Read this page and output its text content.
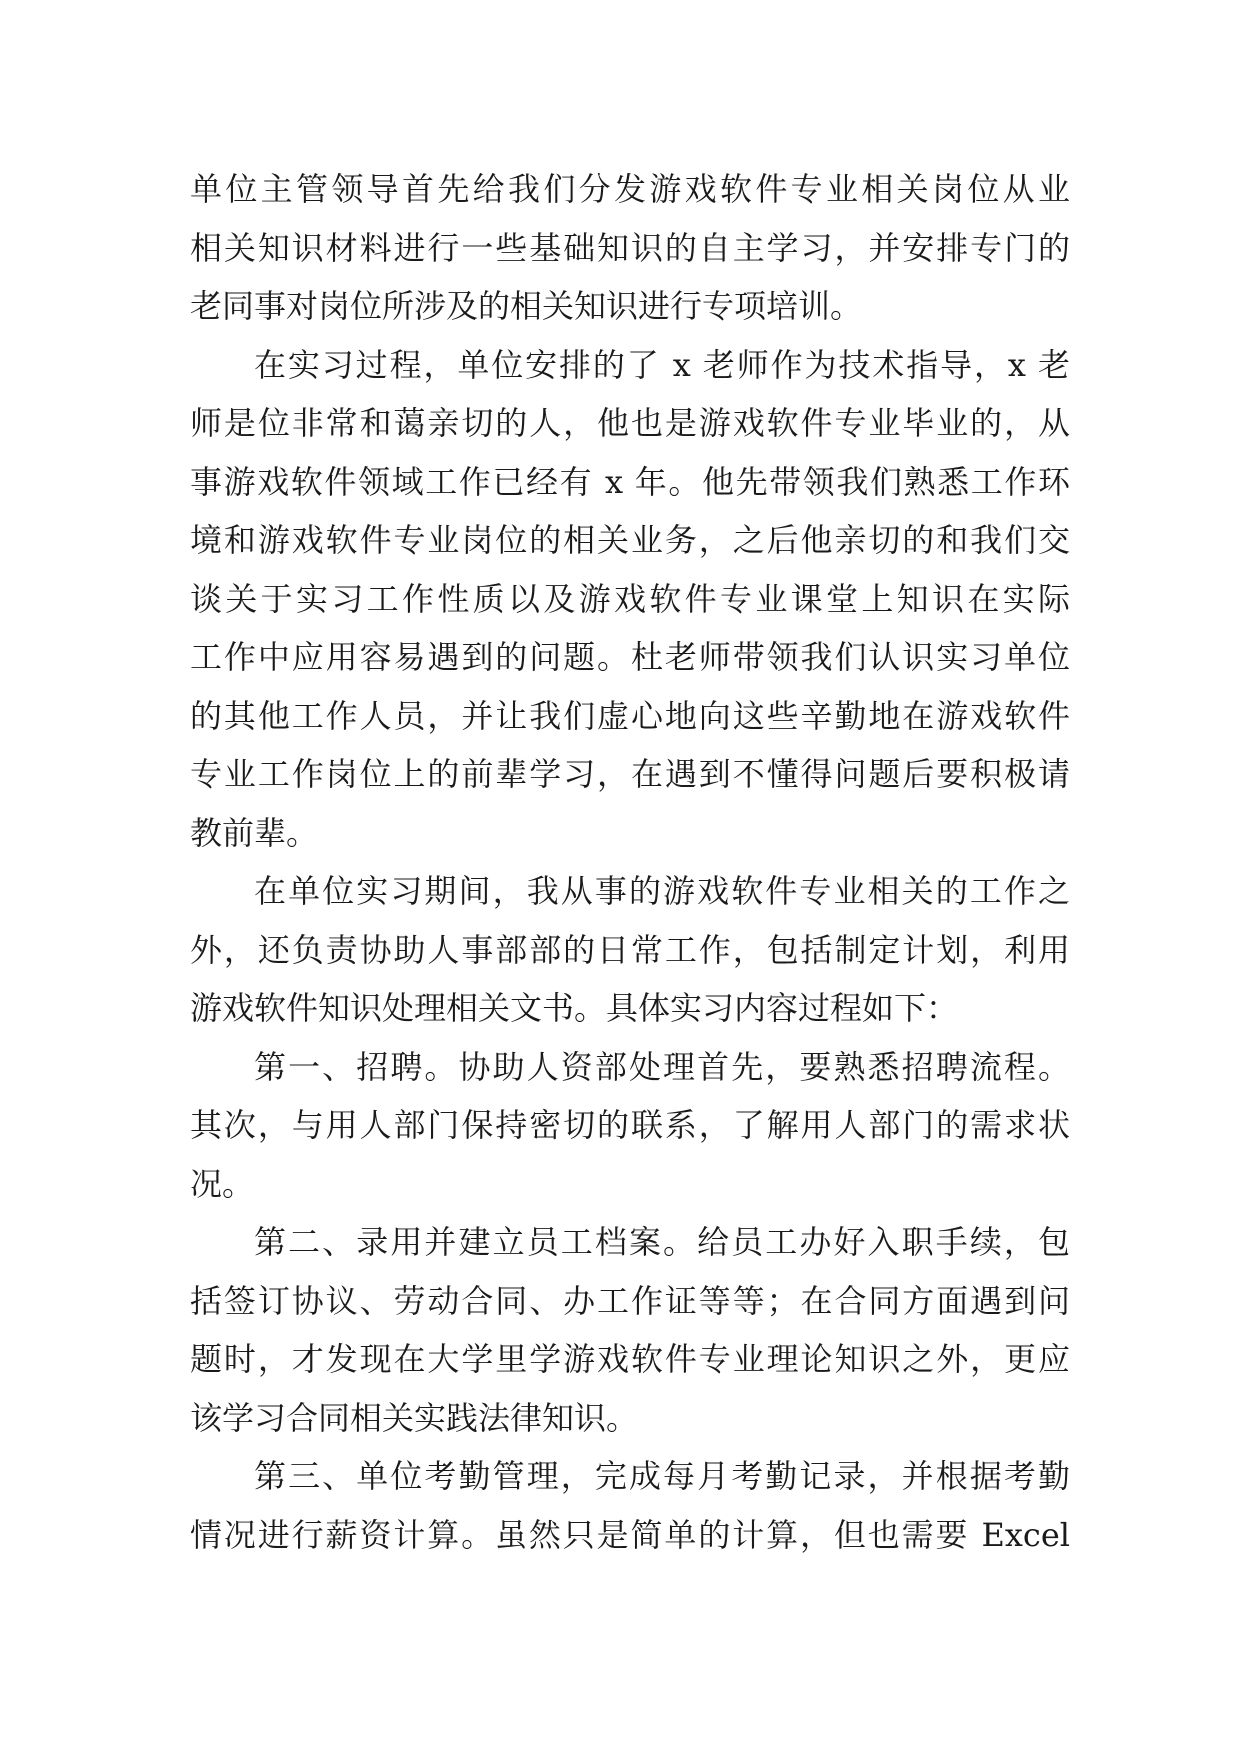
单位主管领导首先给我们分发游戏软件专业相关岗位从业
相关知识材料进行一些基础知识的自主学习，并安排专门的
老同事对岗位所涉及的相关知识进行专项培训。
在实习过程，单位安排的了 x 老师作为技术指导，x 老
师是位非常和蔼亲切的人，他也是游戏软件专业毕业的，从
事游戏软件领域工作已经有 x 年。他先带领我们熟悉工作环
境和游戏软件专业岗位的相关业务，之后他亲切的和我们交
谈关于实习工作性质以及游戏软件专业课堂上知识在实际
工作中应用容易遇到的问题。杜老师带领我们认识实习单位
的其他工作人员，并让我们虚心地向这些辛勤地在游戏软件
专业工作岗位上的前辈学习，在遇到不懂得问题后要积极请
教前辈。
在单位实习期间，我从事的游戏软件专业相关的工作之
外，还负责协助人事部部的日常工作，包括制定计划，利用
游戏软件知识处理相关文书。具体实习内容过程如下：
第一、招聘。协助人资部处理首先，要熟悉招聘流程。
其次，与用人部门保持密切的联系，了解用人部门的需求状
况。
第二、录用并建立员工档案。给员工办好入职手续，包
括签订协议、劳动合同、办工作证等等；在合同方面遇到问
题时，才发现在大学里学游戏软件专业理论知识之外，更应
该学习合同相关实践法律知识。
第三、单位考勤管理，完成每月考勤记录，并根据考勤
情况进行薪资计算。虽然只是简单的计算，但也需要 Excel
